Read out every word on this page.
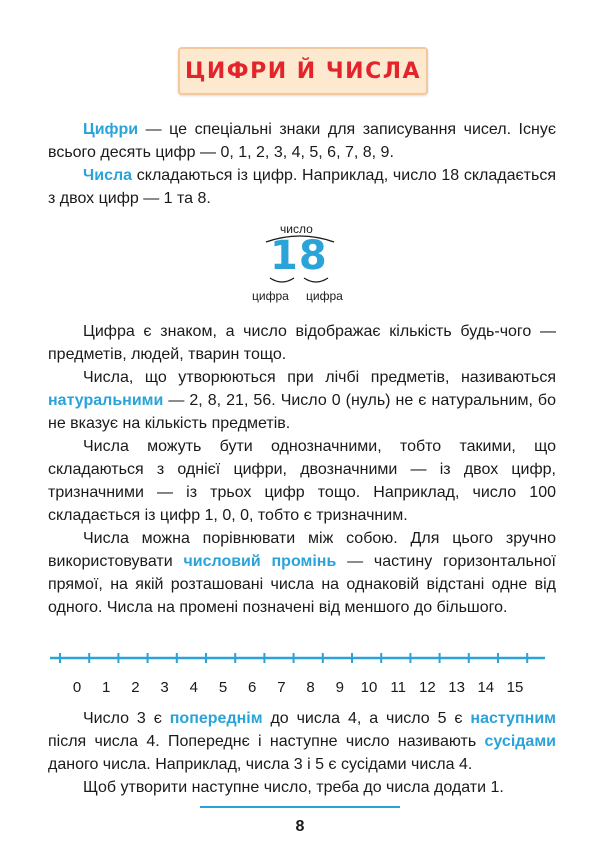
ЦИФРИ Й ЧИСЛА

Цифри — це спеціальні знаки для записування чисел. Існує всього десять цифр — 0, 1, 2, 3, 4, 5, 6, 7, 8, 9.

Числа складаються із цифр. Наприклад, число 18 складається з двох цифр — 1 та 8.

число
18
цифра цифра

Цифра є знаком, а число відображає кількість будь-чого — предметів, людей, тварин тощо.

Числа, що утворюються при лічбі предметів, називаються натуральними — 2, 8, 21, 56. Число 0 (нуль) не є натуральним, бо не вказує на кількість предметів.

Числа можуть бути однозначними, тобто такими, що складаються з однієї цифри, двозначними — із двох цифр, тризначними — із трьох цифр тощо. Наприклад, число 100 складається із цифр 1, 0, 0, тобто є тризначним.

Числа можна порівнювати між собою. Для цього зручно використовувати числовий промінь — частину горизонтальної прямої, на якій розташовані числа на однаковій відстані одне від одного. Числа на промені позначені від меншого до більшого.

0 1 2 3 4 5 6 7 8 9 10 11 12 13 14 15

Число 3 є попереднім до числа 4, а число 5 є наступним після числа 4. Попереднє і наступне число називають сусідами даного числа. Наприклад, числа 3 і 5 є сусідами числа 4.

Щоб утворити наступне число, треба до числа додати 1.

8
